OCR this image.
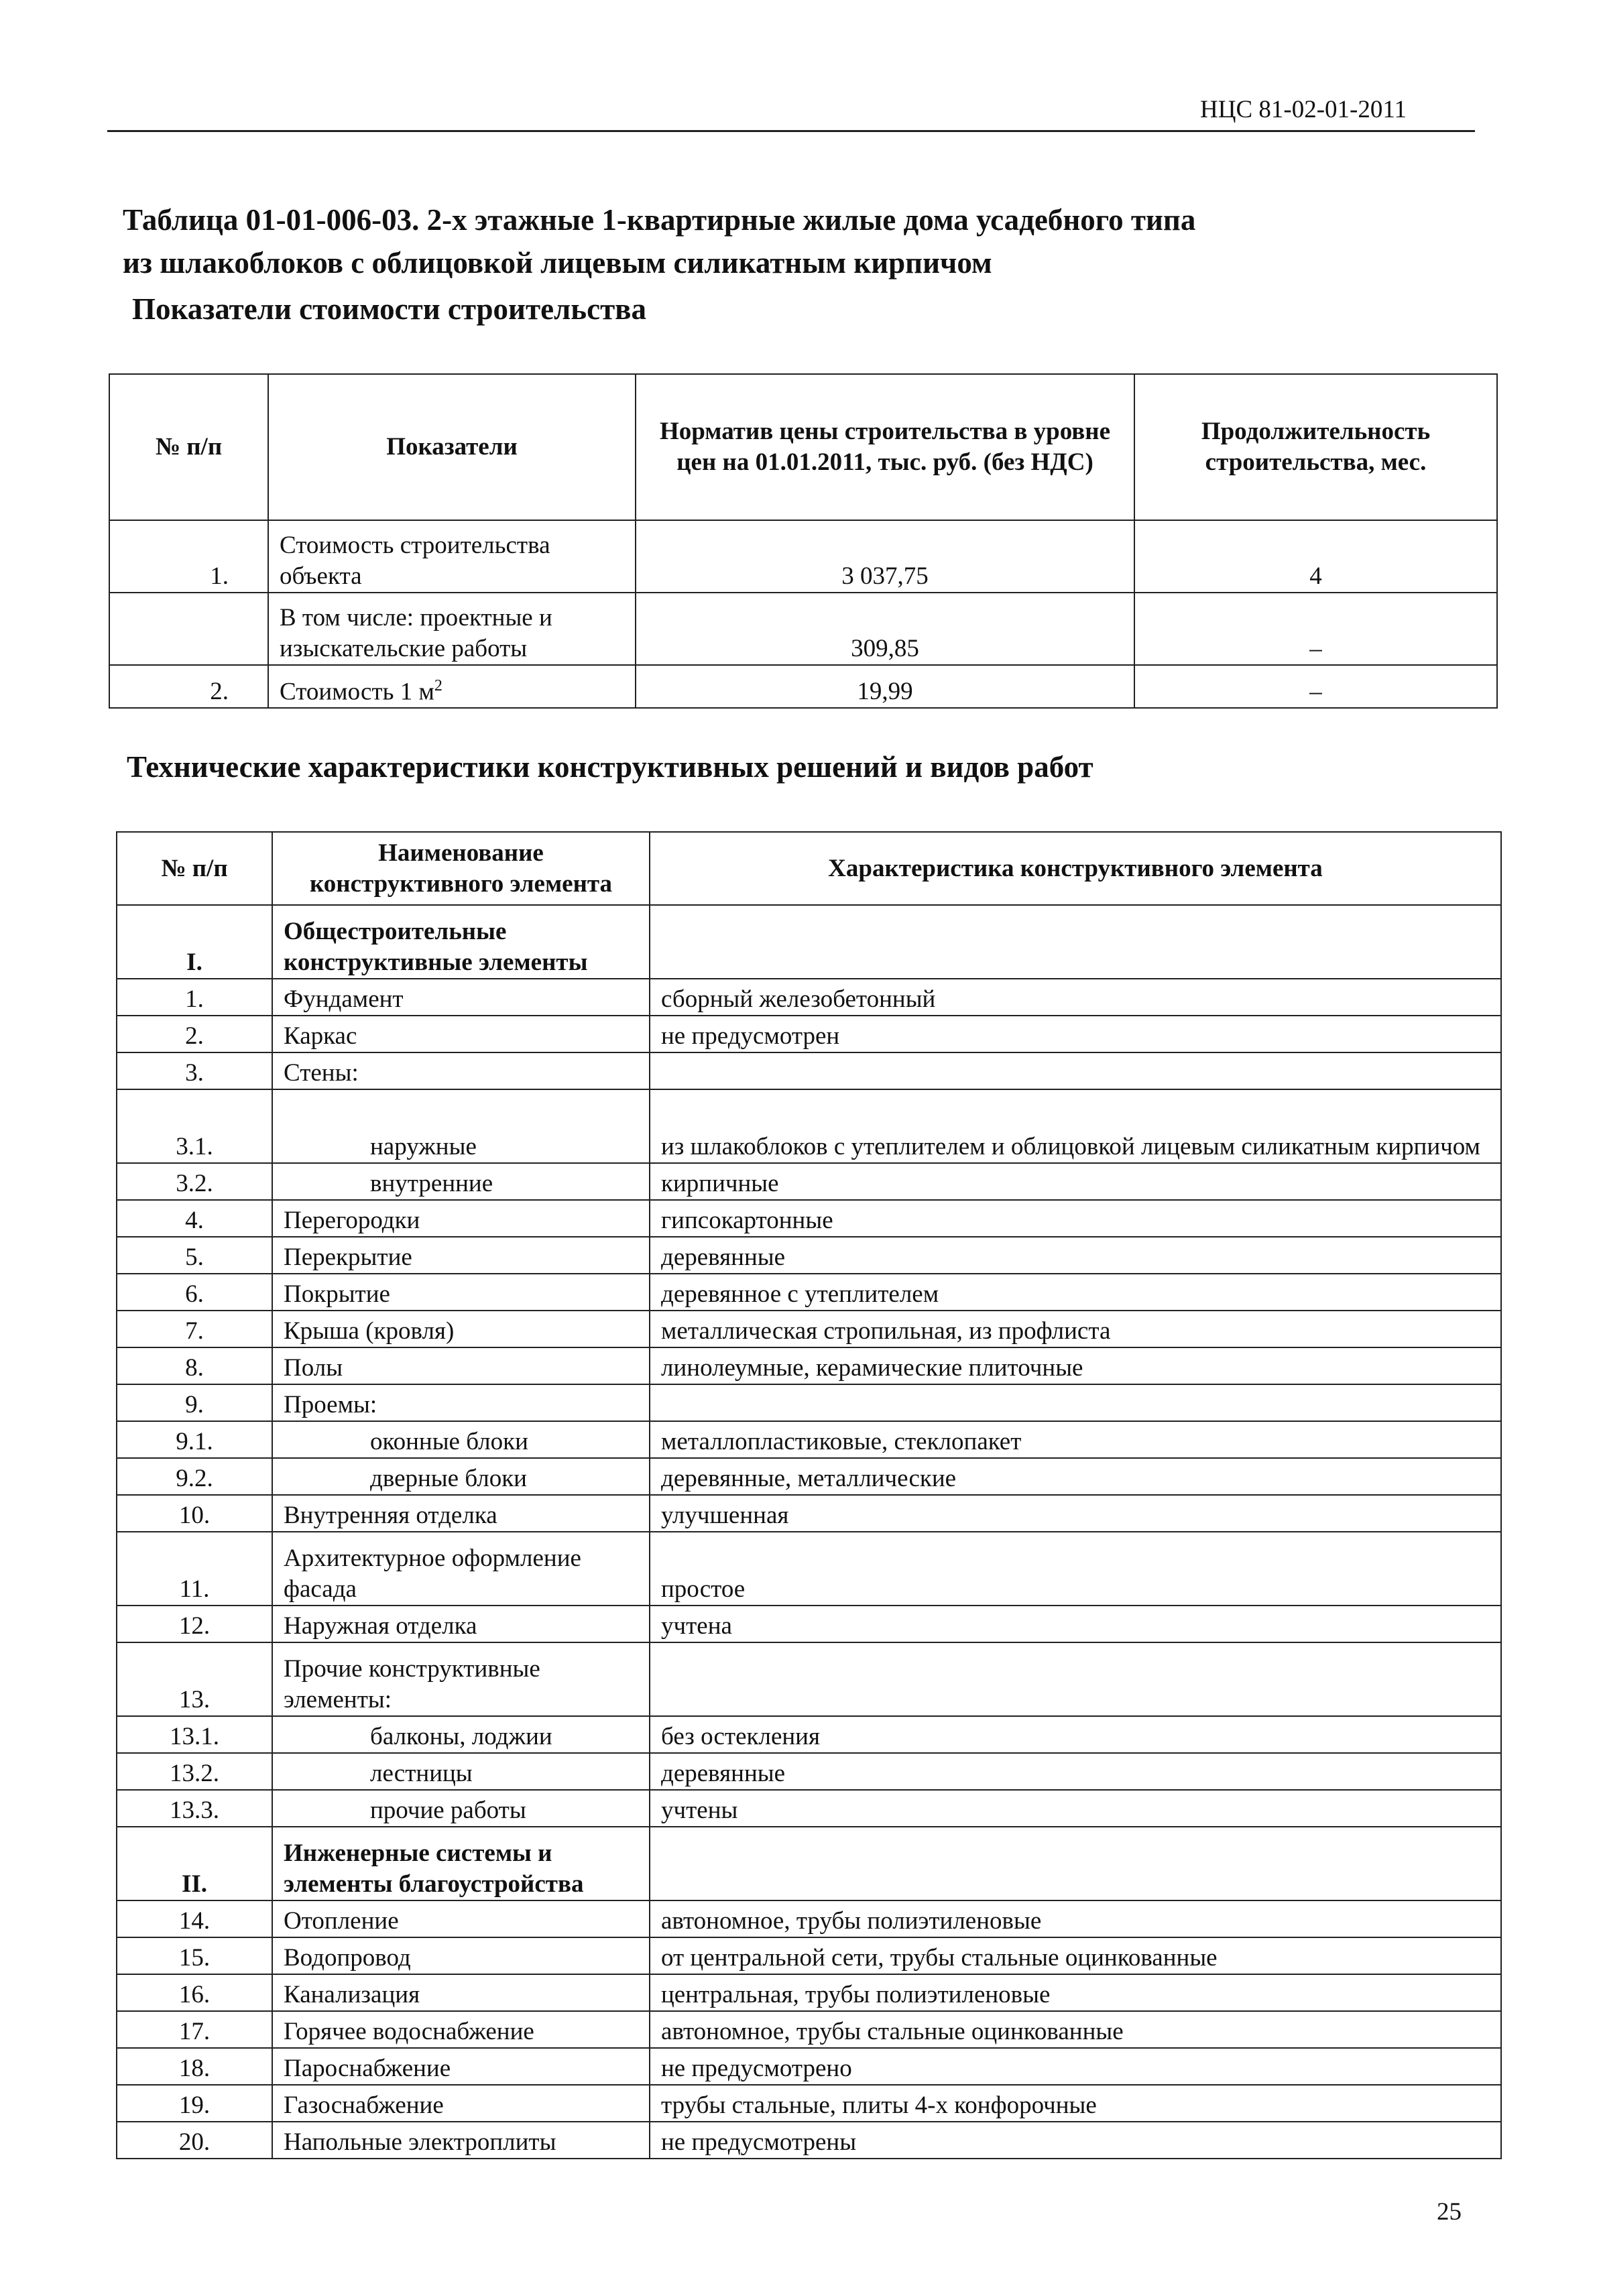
НЦС 81-02-01-2011
Таблица 01-01-006-03. 2-х этажные 1-квартирные жилые дома усадебного типа
из шлакоблоков с облицовкой лицевым силикатным кирпичом
Показатели стоимости строительства
№ п/п	Показатели	Норматив цены строительства в уровне цен на 01.01.2011, тыс. руб. (без НДС)	Продолжительность строительства, мес.
1.	Стоимость строительства объекта	3 037,75	4
	В том числе: проектные и изыскательские работы	309,85	–
2.	Стоимость 1 $м^2$	19,99	–
Технические характеристики конструктивных решений и видов работ
№ п/п	Наименование конструктивного элемента	Характеристика конструктивного элемента
I.	Общестроительные конструктивные элементы	
1.	Фундамент	сборный железобетонный
2.	Каркас	не предусмотрен
3.	Стены:	
3.1.	наружные	из шлакоблоков с утеплителем и облицовкой лицевым силикатным кирпичом
3.2.	внутренние	кирпичные
4.	Перегородки	гипсокартонные
5.	Перекрытие	деревянные
6.	Покрытие	деревянное с утеплителем
7.	Крыша (кровля)	металлическая стропильная, из профлиста
8.	Полы	линолеумные, керамические плиточные
9.	Проемы:	
9.1.	оконные блоки	металлопластиковые, стеклопакет
9.2.	дверные блоки	деревянные, металлические
10.	Внутренняя отделка	улучшенная
11.	Архитектурное оформление фасада	простое
12.	Наружная отделка	учтена
13.	Прочие конструктивные элементы:	
13.1.	балконы, лоджии	без остекления
13.2.	лестницы	деревянные
13.3.	прочие работы	учтены
II.	Инженерные системы и элементы благоустройства	
14.	Отопление	автономное, трубы полиэтиленовые
15.	Водопровод	от центральной сети, трубы стальные оцинкованные
16.	Канализация	центральная, трубы полиэтиленовые
17.	Горячее водоснабжение	автономное, трубы стальные оцинкованные
18.	Пароснабжение	не предусмотрено
19.	Газоснабжение	трубы стальные, плиты 4-х конфорочные
20.	Напольные электроплиты	не предусмотрены
25
